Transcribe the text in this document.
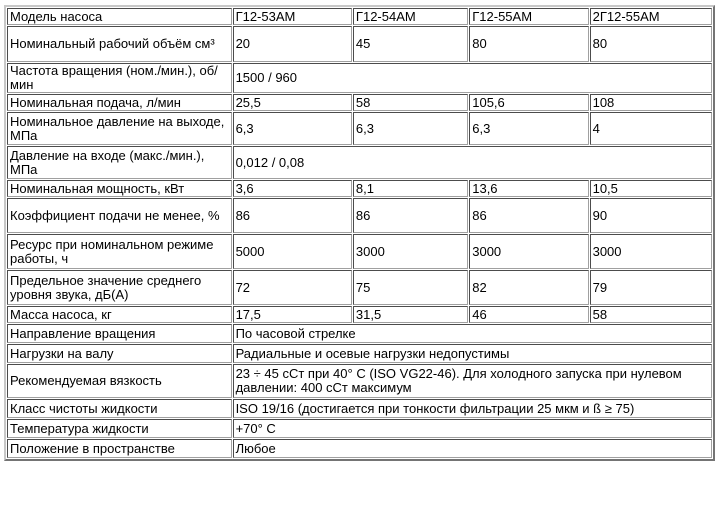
Модель насоса	Г12-53АМ	Г12-54АМ	Г12-55АМ	2Г12-55АМ
Номинальный рабочий объём см³	20	45	80	80
Частота вращения (ном./мин.), об/мин	1500 / 960			
Номинальная подача, л/мин	25,5	58	105,6	108
Номинальное давление на выходе, МПа	6,3	6,3	6,3	4
Давление на входе (макс./мин.), МПа	0,012 / 0,08			
Номинальная мощность, кВт	3,6	8,1	13,6	10,5
Коэффициент подачи не менее, %	86	86	86	90
Ресурс при номинальном режиме работы, ч	5000	3000	3000	3000
Предельное значение среднего уровня звука, дБ(А)	72	75	82	79
Масса насоса, кг	17,5	31,5	46	58
Направление вращения	По часовой стрелке			
Нагрузки на валу	Радиальные и осевые нагрузки недопустимы			
Рекомендуемая вязкость	23 ÷ 45 сСт при 40° С (ISO VG22-46). Для холодного запуска при нулевом давлении: 400 сСт максимум			
Класс чистоты жидкости	ISO 19/16 (достигается при тонкости фильтрации 25 мкм и ß ≥ 75)			
Температура жидкости	+70° С			
Положение в пространстве	Любое			
